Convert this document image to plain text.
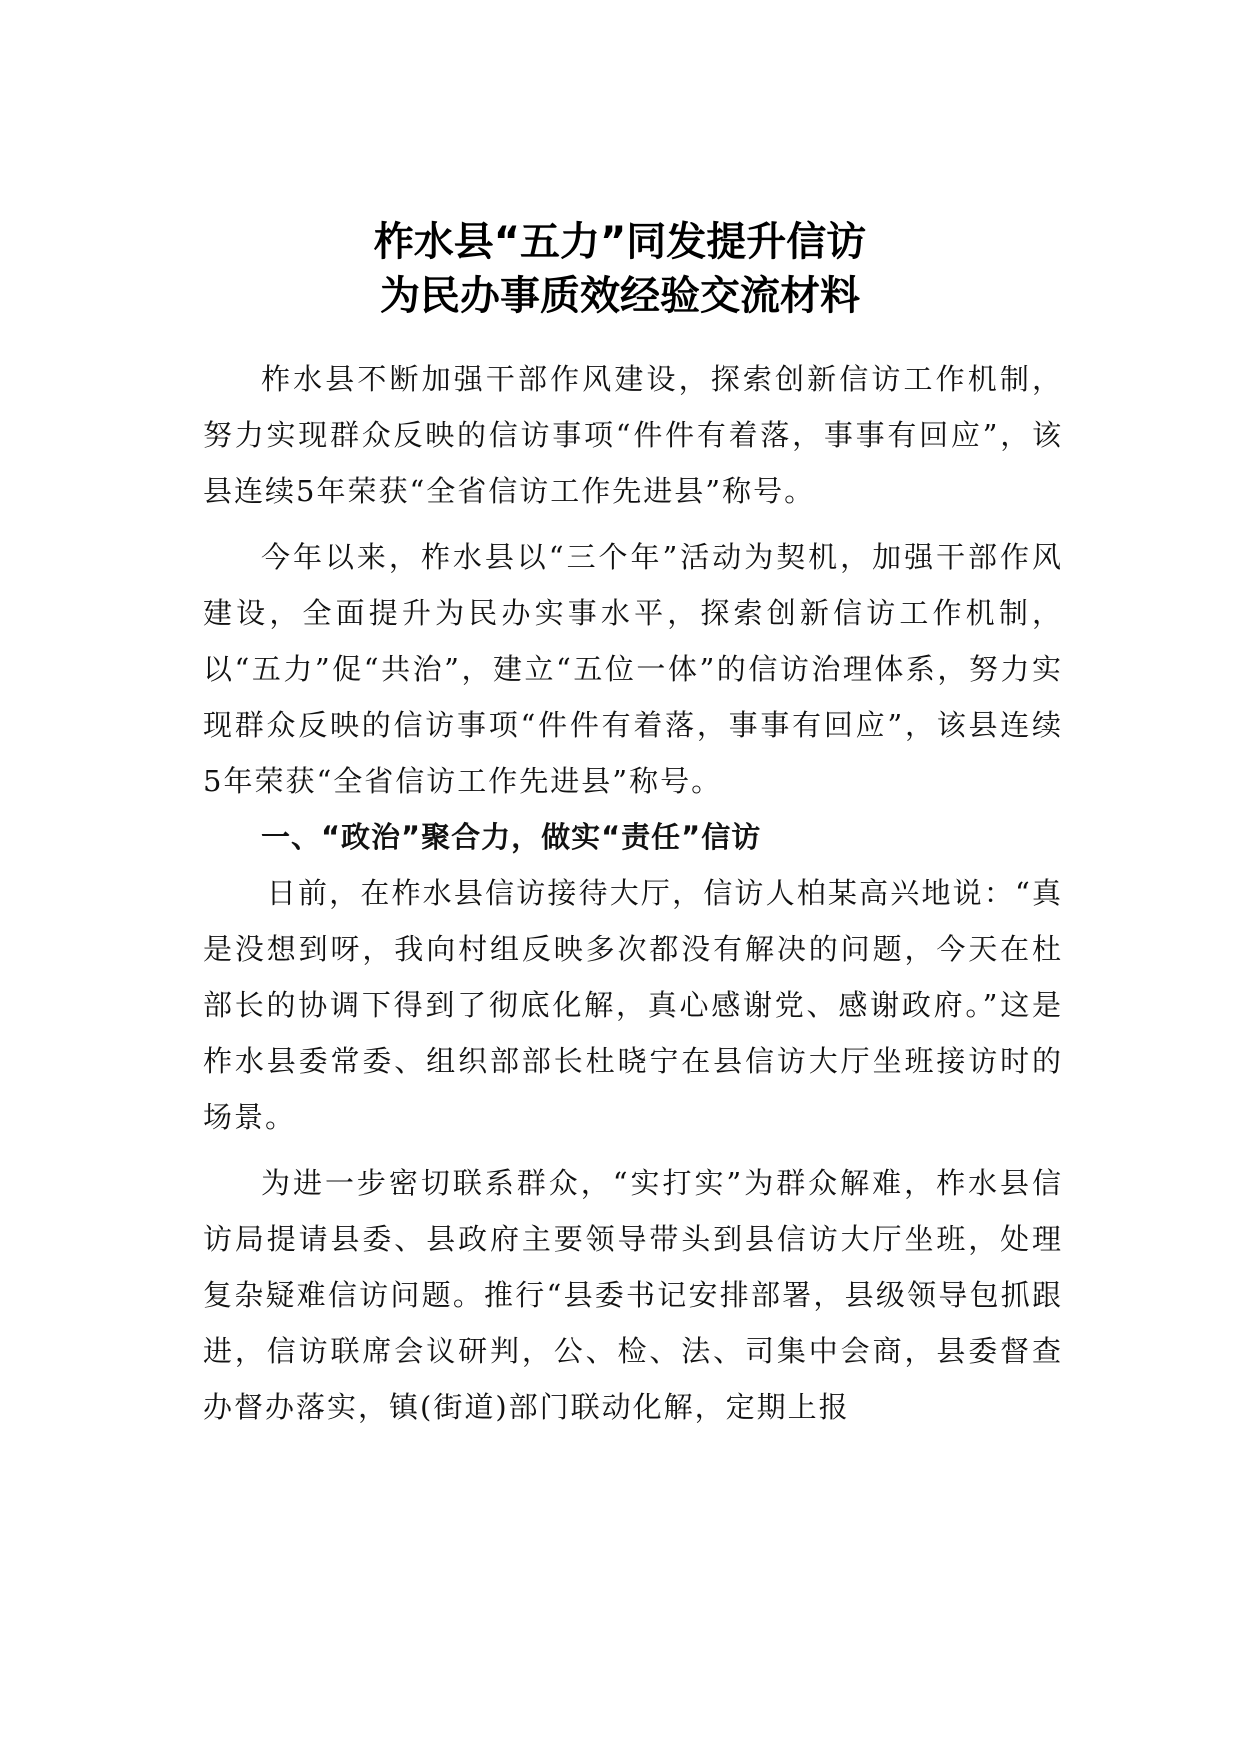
柞水县“五力”同发提升信访
为民办事质效经验交流材料

柞水县不断加强干部作风建设，探索创新信访工作机制，努力实现群众反映的信访事项“件件有着落，事事有回应”，该县连续5年荣获“全省信访工作先进县”称号。

今年以来，柞水县以“三个年”活动为契机，加强干部作风建设，全面提升为民办实事水平，探索创新信访工作机制，以“五力”促“共治”，建立“五位一体”的信访治理体系，努力实现群众反映的信访事项“件件有着落，事事有回应”，该县连续5年荣获“全省信访工作先进县”称号。

一、“政治”聚合力，做实“责任”信访

日前，在柞水县信访接待大厅，信访人柏某高兴地说：“真是没想到呀，我向村组反映多次都没有解决的问题，今天在杜部长的协调下得到了彻底化解，真心感谢党、感谢政府。”这是柞水县委常委、组织部部长杜晓宁在县信访大厅坐班接访时的场景。

为进一步密切联系群众，“实打实”为群众解难，柞水县信访局提请县委、县政府主要领导带头到县信访大厅坐班，处理复杂疑难信访问题。推行“县委书记安排部署，县级领导包抓跟进，信访联席会议研判，公、检、法、司集中会商，县委督查办督办落实，镇(街道)部门联动化解，定期上报
